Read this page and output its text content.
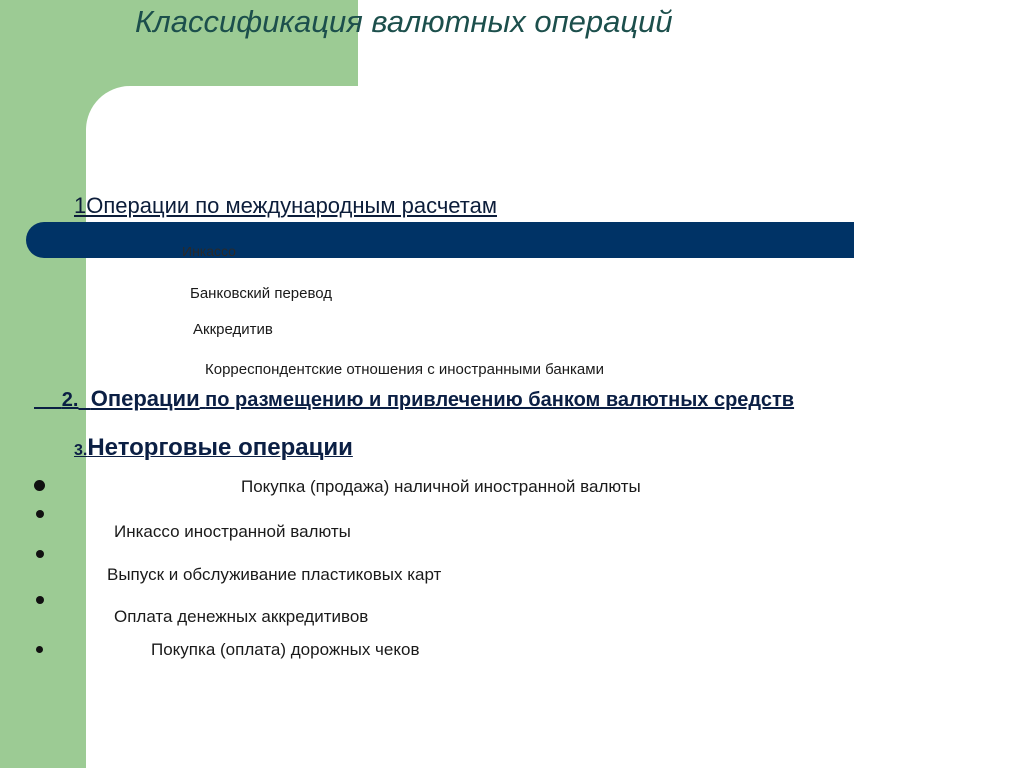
Классификация валютных операций
1Операции по международным расчетам
Инкассо
Банковский перевод
Аккредитив
Корреспондентские отношения с иностранными банками
2. Операции по размещению и привлечению банком валютных средств
3.Неторговые операции
Покупка (продажа) наличной иностранной валюты
Инкассо иностранной валюты
Выпуск и обслуживание пластиковых карт
Оплата денежных аккредитивов
Покупка (оплата) дорожных чеков
